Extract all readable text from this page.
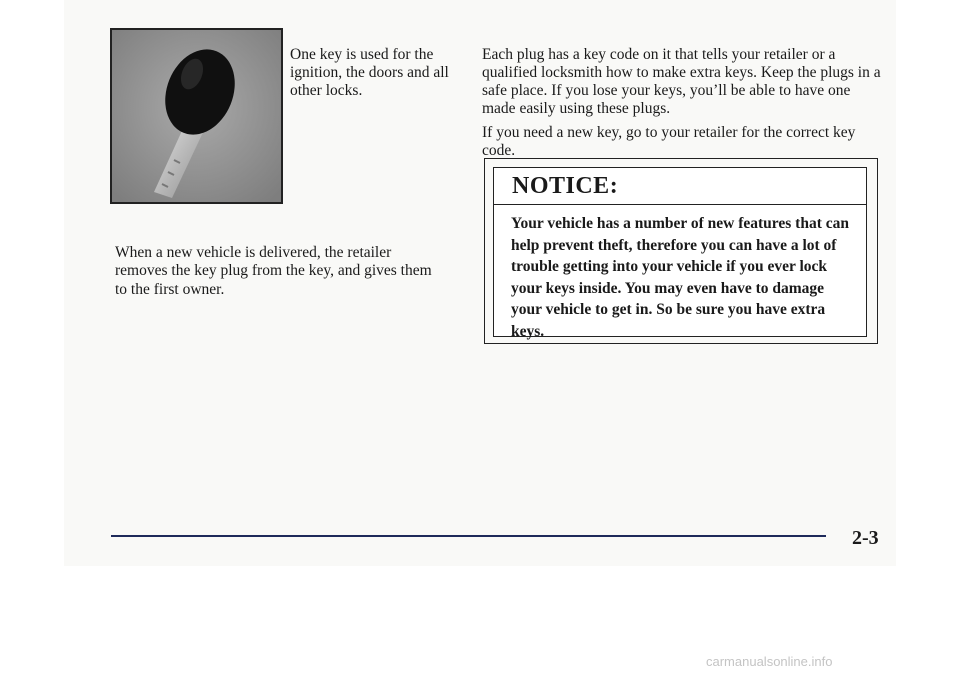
One key is used for the ignition, the doors and all other locks.

When a new vehicle is delivered, the retailer removes the key plug from the key, and gives them to the first owner.

Each plug has a key code on it that tells your retailer or a qualified locksmith how to make extra keys. Keep the plugs in a safe place. If you lose your keys, you’ll be able to have one made easily using these plugs.

If you need a new key, go to your retailer for the correct key code.

NOTICE:
Your vehicle has a number of new features that can help prevent theft, therefore you can have a lot of trouble getting into your vehicle if you ever lock your keys inside. You may even have to damage your vehicle to get in. So be sure you have extra keys.
2-3
carmanualsonline.info
